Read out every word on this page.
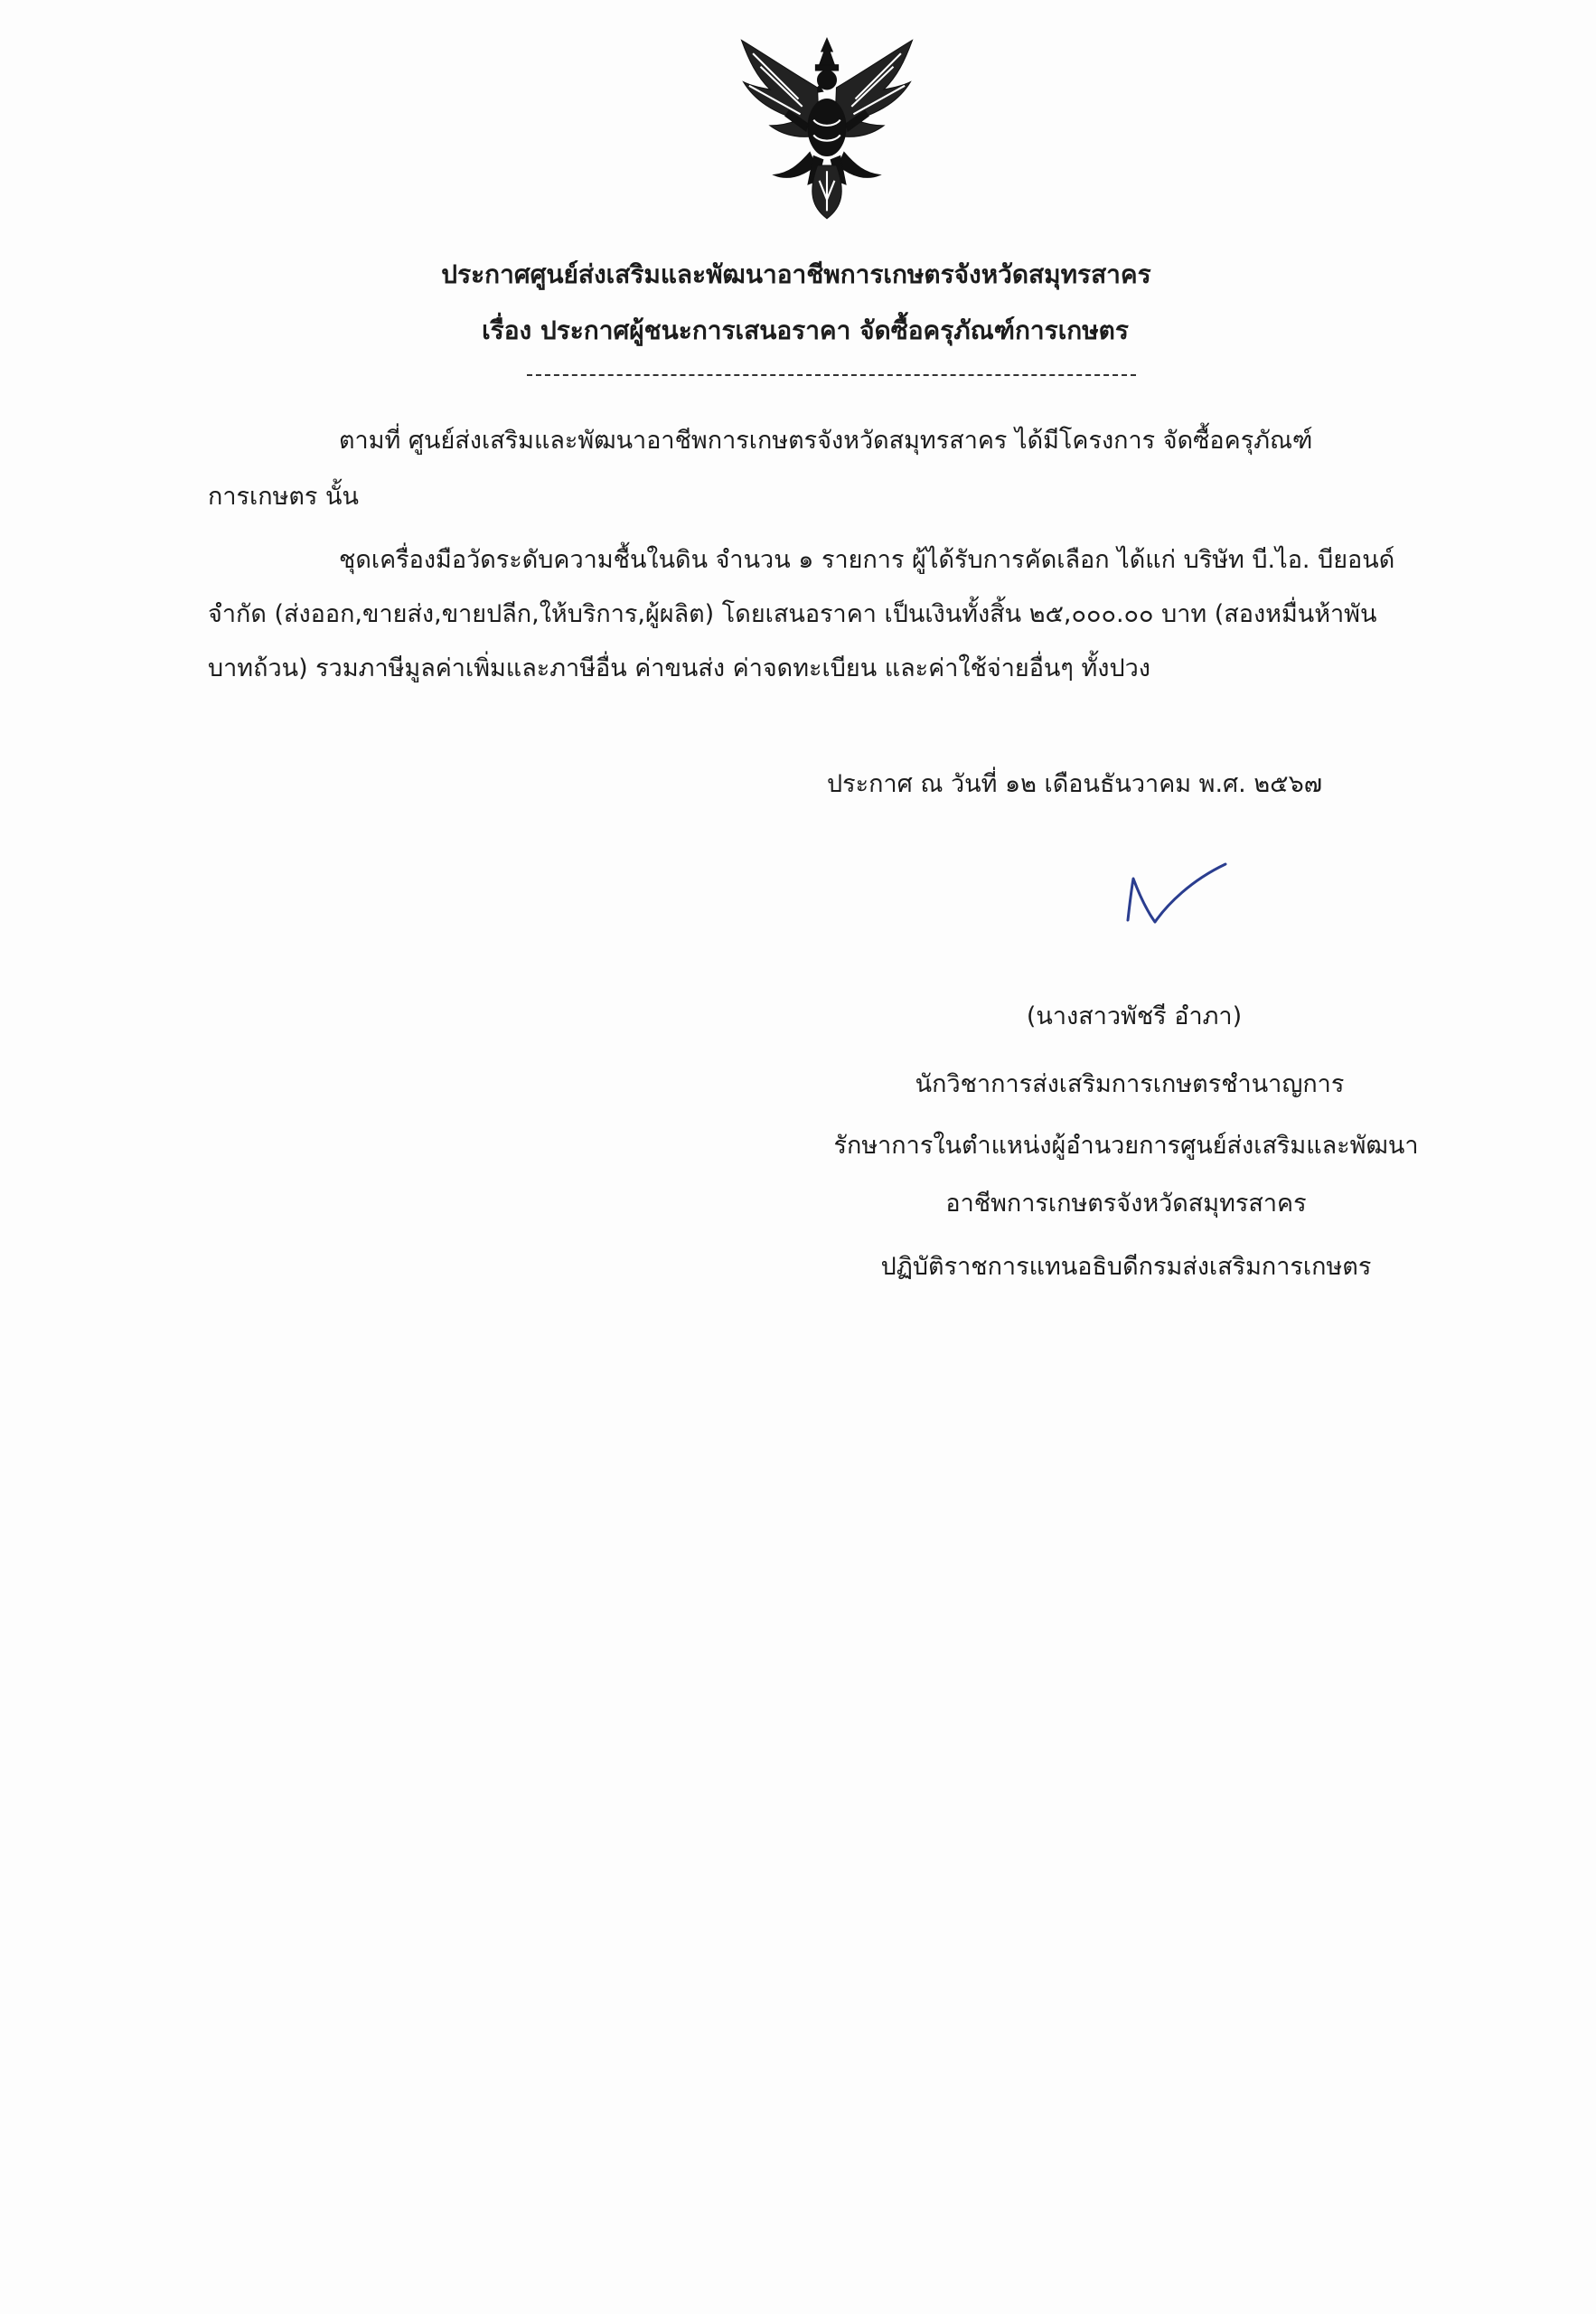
ประกาศศูนย์ส่งเสริมและพัฒนาอาชีพการเกษตรจังหวัดสมุทรสาคร
เรื่อง ประกาศผู้ชนะการเสนอราคา จัดซื้อครุภัณฑ์การเกษตร
ตามที่ ศูนย์ส่งเสริมและพัฒนาอาชีพการเกษตรจังหวัดสมุทรสาคร ได้มีโครงการ จัดซื้อครุภัณฑ์
การเกษตร นั้น
ชุดเครื่องมือวัดระดับความชื้นในดิน จำนวน ๑ รายการ ผู้ได้รับการคัดเลือก ได้แก่ บริษัท บี.ไอ. บียอนด์
จำกัด (ส่งออก,ขายส่ง,ขายปลีก,ให้บริการ,ผู้ผลิต) โดยเสนอราคา เป็นเงินทั้งสิ้น ๒๕,๐๐๐.๐๐ บาท (สองหมื่นห้าพัน
บาทถ้วน) รวมภาษีมูลค่าเพิ่มและภาษีอื่น ค่าขนส่ง ค่าจดทะเบียน และค่าใช้จ่ายอื่นๆ ทั้งปวง
ประกาศ ณ วันที่ ๑๒ เดือนธันวาคม พ.ศ. ๒๕๖๗
(นางสาวพัชรี อำภา)
นักวิชาการส่งเสริมการเกษตรชำนาญการ
รักษาการในตำแหน่งผู้อำนวยการศูนย์ส่งเสริมและพัฒนา
อาชีพการเกษตรจังหวัดสมุทรสาคร
ปฏิบัติราชการแทนอธิบดีกรมส่งเสริมการเกษตร
